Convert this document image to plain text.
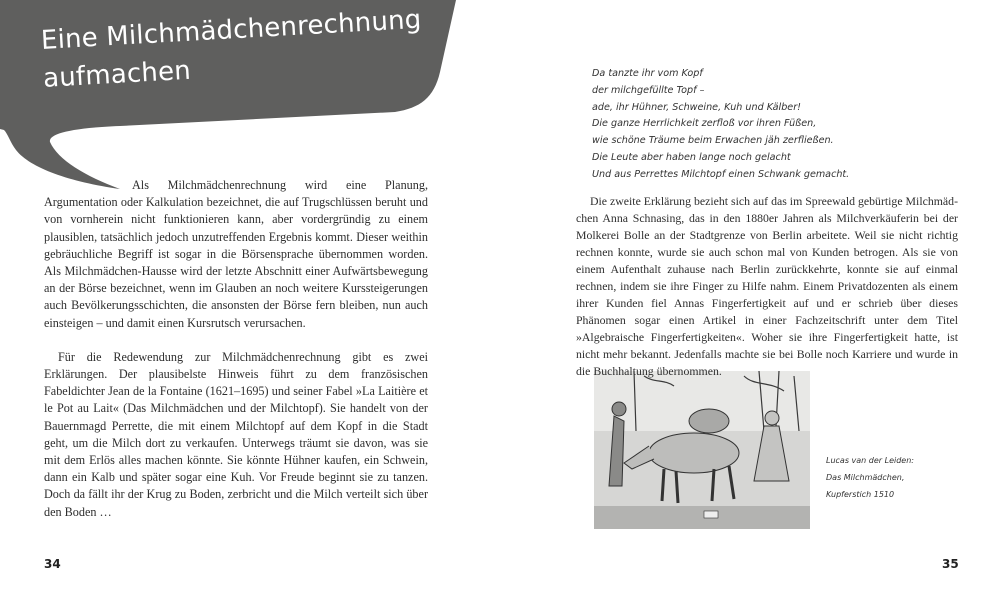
Eine Milchmädchenrechnung
aufmachen

Als Milchmädchenrechnung wird eine Planung, Argumentation oder Kalkulation bezeichnet, die auf Trugschlüssen beruht und von vornherein nicht funktionieren kann, aber vordergründig zu einem plausiblen, tatsächlich jedoch unzutreffenden Ergebnis kommt. Dieser weithin gebräuchliche Begriff ist sogar in die Börsensprache übernommen worden. Als Milchmädchen-Hausse wird der letzte Abschnitt einer Aufwärtsbewegung an der Börse bezeichnet, wenn im Glauben an noch weitere Kurssteigerungen auch Bevölkerungsschichten, die ansonsten der Börse fern bleiben, nun auch einsteigen – und damit einen Kursrutsch verursachen.

Für die Redewendung zur Milchmädchenrechnung gibt es zwei Erklärungen. Der plausibelste Hinweis führt zu dem französischen Fabeldichter Jean de la Fontaine (1621–1695) und seiner Fabel »La Laitière et le Pot au Lait« (Das Milchmädchen und der Milchtopf). Sie handelt von der Bauernmagd Perrette, die mit einem Milchtopf auf dem Kopf in die Stadt geht, um die Milch dort zu verkaufen. Unterwegs träumt sie davon, was sie mit dem Erlös alles machen könnte. Sie könnte Hühner kaufen, ein Schwein, dann ein Kalb und später sogar eine Kuh. Vor Freude beginnt sie zu tanzen. Doch da fällt ihr der Krug zu Boden, zerbricht und die Milch verteilt sich über den Boden …

Da tanzte ihr vom Kopf
der milchgefüllte Topf –
ade, ihr Hühner, Schweine, Kuh und Kälber!
Die ganze Herrlichkeit zerfloß vor ihren Füßen,
wie schöne Träume beim Erwachen jäh zerfließen.
Die Leute aber haben lange noch gelacht
Und aus Perrettes Milchtopf einen Schwank gemacht.

Die zweite Erklärung bezieht sich auf das im Spreewald gebürtige Milchmädchen Anna Schnasing, das in den 1880er Jahren als Milchverkäuferin bei der Molkerei Bolle an der Stadtgrenze von Berlin arbeitete. Weil sie nicht richtig rechnen konnte, wurde sie auch schon mal von Kunden betrogen. Als sie von einem Aufenthalt zuhause nach Berlin zurückkehrte, konnte sie auf einmal rechnen, indem sie ihre Finger zu Hilfe nahm. Einem Privatdozenten als einem ihrer Kunden fiel Annas Fingerfertigkeit auf und er schrieb über dieses Phänomen sogar einen Artikel in einer Fachzeitschrift unter dem Titel »Algebraische Fingerfertigkeiten«. Woher sie ihre Fingerfertigkeit hatte, ist nicht mehr bekannt. Jedenfalls machte sie bei Bolle noch Karriere und wurde in die Buchhaltung übernommen.

Lucas van der Leiden:
Das Milchmädchen,
Kupferstich 1510
34	35
